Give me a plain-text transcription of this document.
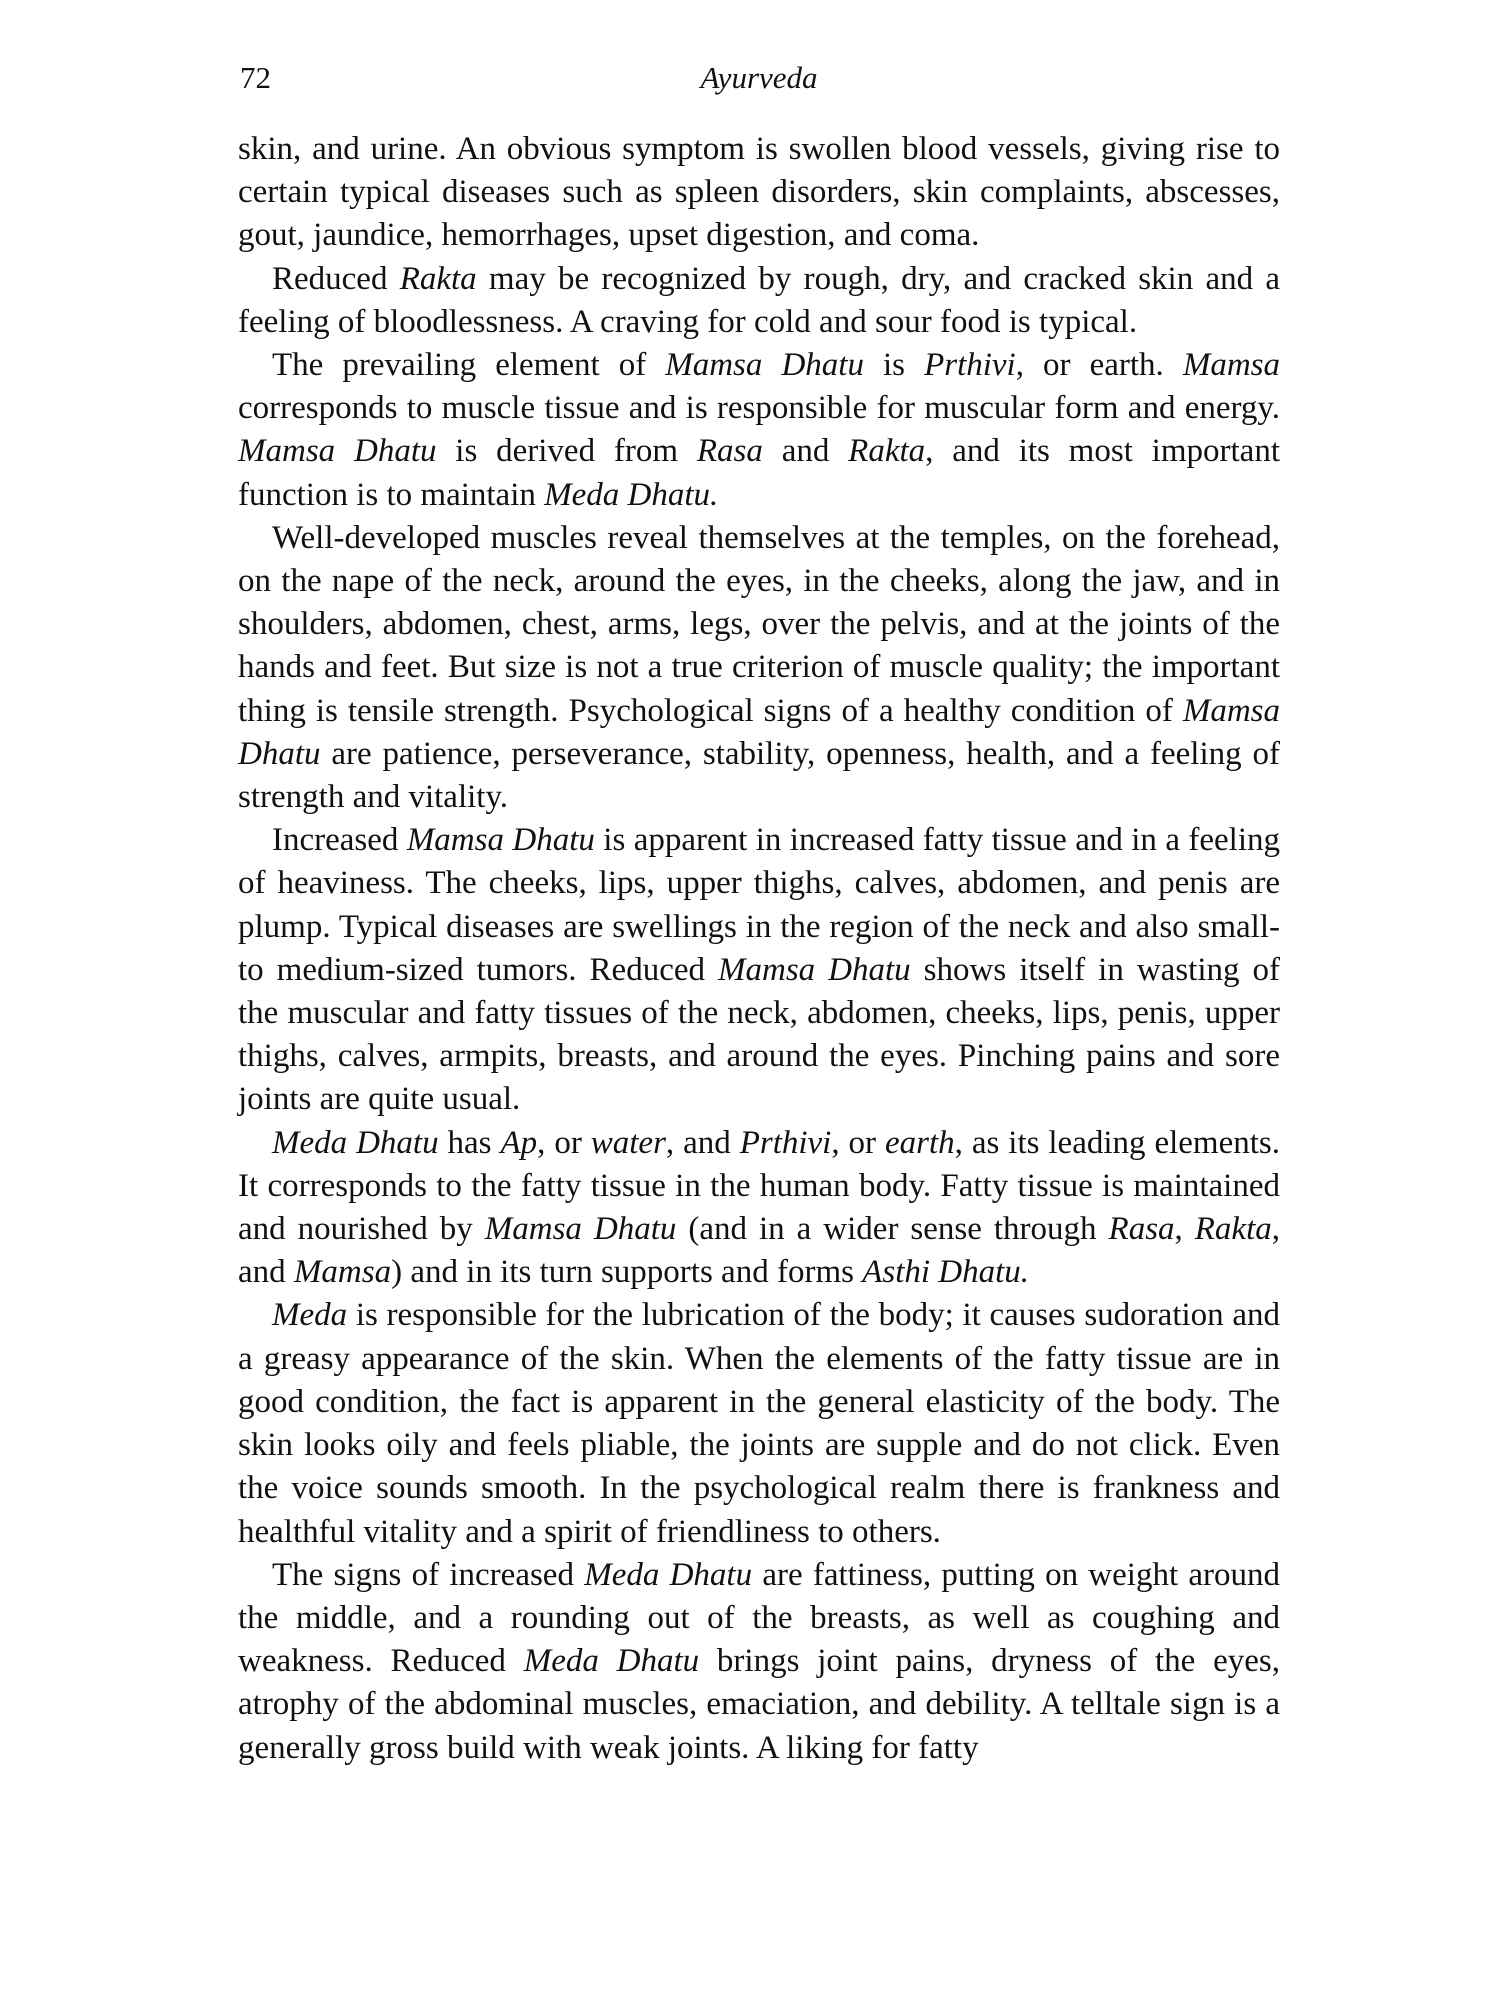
72	Ayurveda

skin, and urine. An obvious symptom is swollen blood vessels, giving rise to certain typical diseases such as spleen disorders, skin complaints, abscesses, gout, jaundice, hemorrhages, upset digestion, and coma.

Reduced Rakta may be recognized by rough, dry, and cracked skin and a feeling of bloodlessness. A craving for cold and sour food is typical.

The prevailing element of Mamsa Dhatu is Prthivi, or earth. Mamsa corresponds to muscle tissue and is responsible for muscular form and energy. Mamsa Dhatu is derived from Rasa and Rakta, and its most important function is to maintain Meda Dhatu.

Well-developed muscles reveal themselves at the temples, on the forehead, on the nape of the neck, around the eyes, in the cheeks, along the jaw, and in shoulders, abdomen, chest, arms, legs, over the pelvis, and at the joints of the hands and feet. But size is not a true criterion of muscle quality; the important thing is tensile strength. Psychological signs of a healthy condition of Mamsa Dhatu are patience, perseverance, stability, openness, health, and a feeling of strength and vitality.

Increased Mamsa Dhatu is apparent in increased fatty tissue and in a feeling of heaviness. The cheeks, lips, upper thighs, calves, abdomen, and penis are plump. Typical diseases are swellings in the region of the neck and also small- to medium-sized tumors. Reduced Mamsa Dhatu shows itself in wasting of the muscular and fatty tissues of the neck, abdomen, cheeks, lips, penis, upper thighs, calves, armpits, breasts, and around the eyes. Pinching pains and sore joints are quite usual.

Meda Dhatu has Ap, or water, and Prthivi, or earth, as its leading elements. It corresponds to the fatty tissue in the human body. Fatty tissue is maintained and nourished by Mamsa Dhatu (and in a wider sense through Rasa, Rakta, and Mamsa) and in its turn supports and forms Asthi Dhatu.

Meda is responsible for the lubrication of the body; it causes sudoration and a greasy appearance of the skin. When the elements of the fatty tissue are in good condition, the fact is apparent in the general elasticity of the body. The skin looks oily and feels pliable, the joints are supple and do not click. Even the voice sounds smooth. In the psychological realm there is frankness and healthful vitality and a spirit of friendliness to others.

The signs of increased Meda Dhatu are fattiness, putting on weight around the middle, and a rounding out of the breasts, as well as coughing and weakness. Reduced Meda Dhatu brings joint pains, dryness of the eyes, atrophy of the abdominal muscles, emaciation, and debility. A telltale sign is a generally gross build with weak joints. A liking for fatty
